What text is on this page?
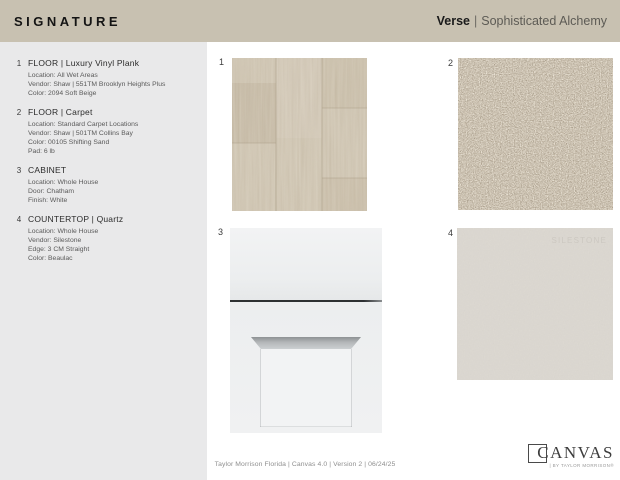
SIGNATURE	Verse | Sophisticated Alchemy
1 FLOOR | Luxury Vinyl Plank
Location: All Wet Areas
Vendor: Shaw | 551TM Brooklyn Heights Plus
Color: 2094 Soft Beige
2 FLOOR | Carpet
Location: Standard Carpet Locations
Vendor: Shaw | 501TM Collins Bay
Color: 00105 Shifting Sand
Pad: 6 lb
3 CABINET
Location: Whole House
Door: Chatham
Finish: White
4 COUNTERTOP | Quartz
Location: Whole House
Vendor: Silestone
Edge: 3 CM Straight
Color: Beaulac
1	2
3	4
SILESTONE
Taylor Morrison Florida | Canvas 4.0 | Version 2 | 06/24/25
CANVAS
| BY TAYLOR MORRISON®
